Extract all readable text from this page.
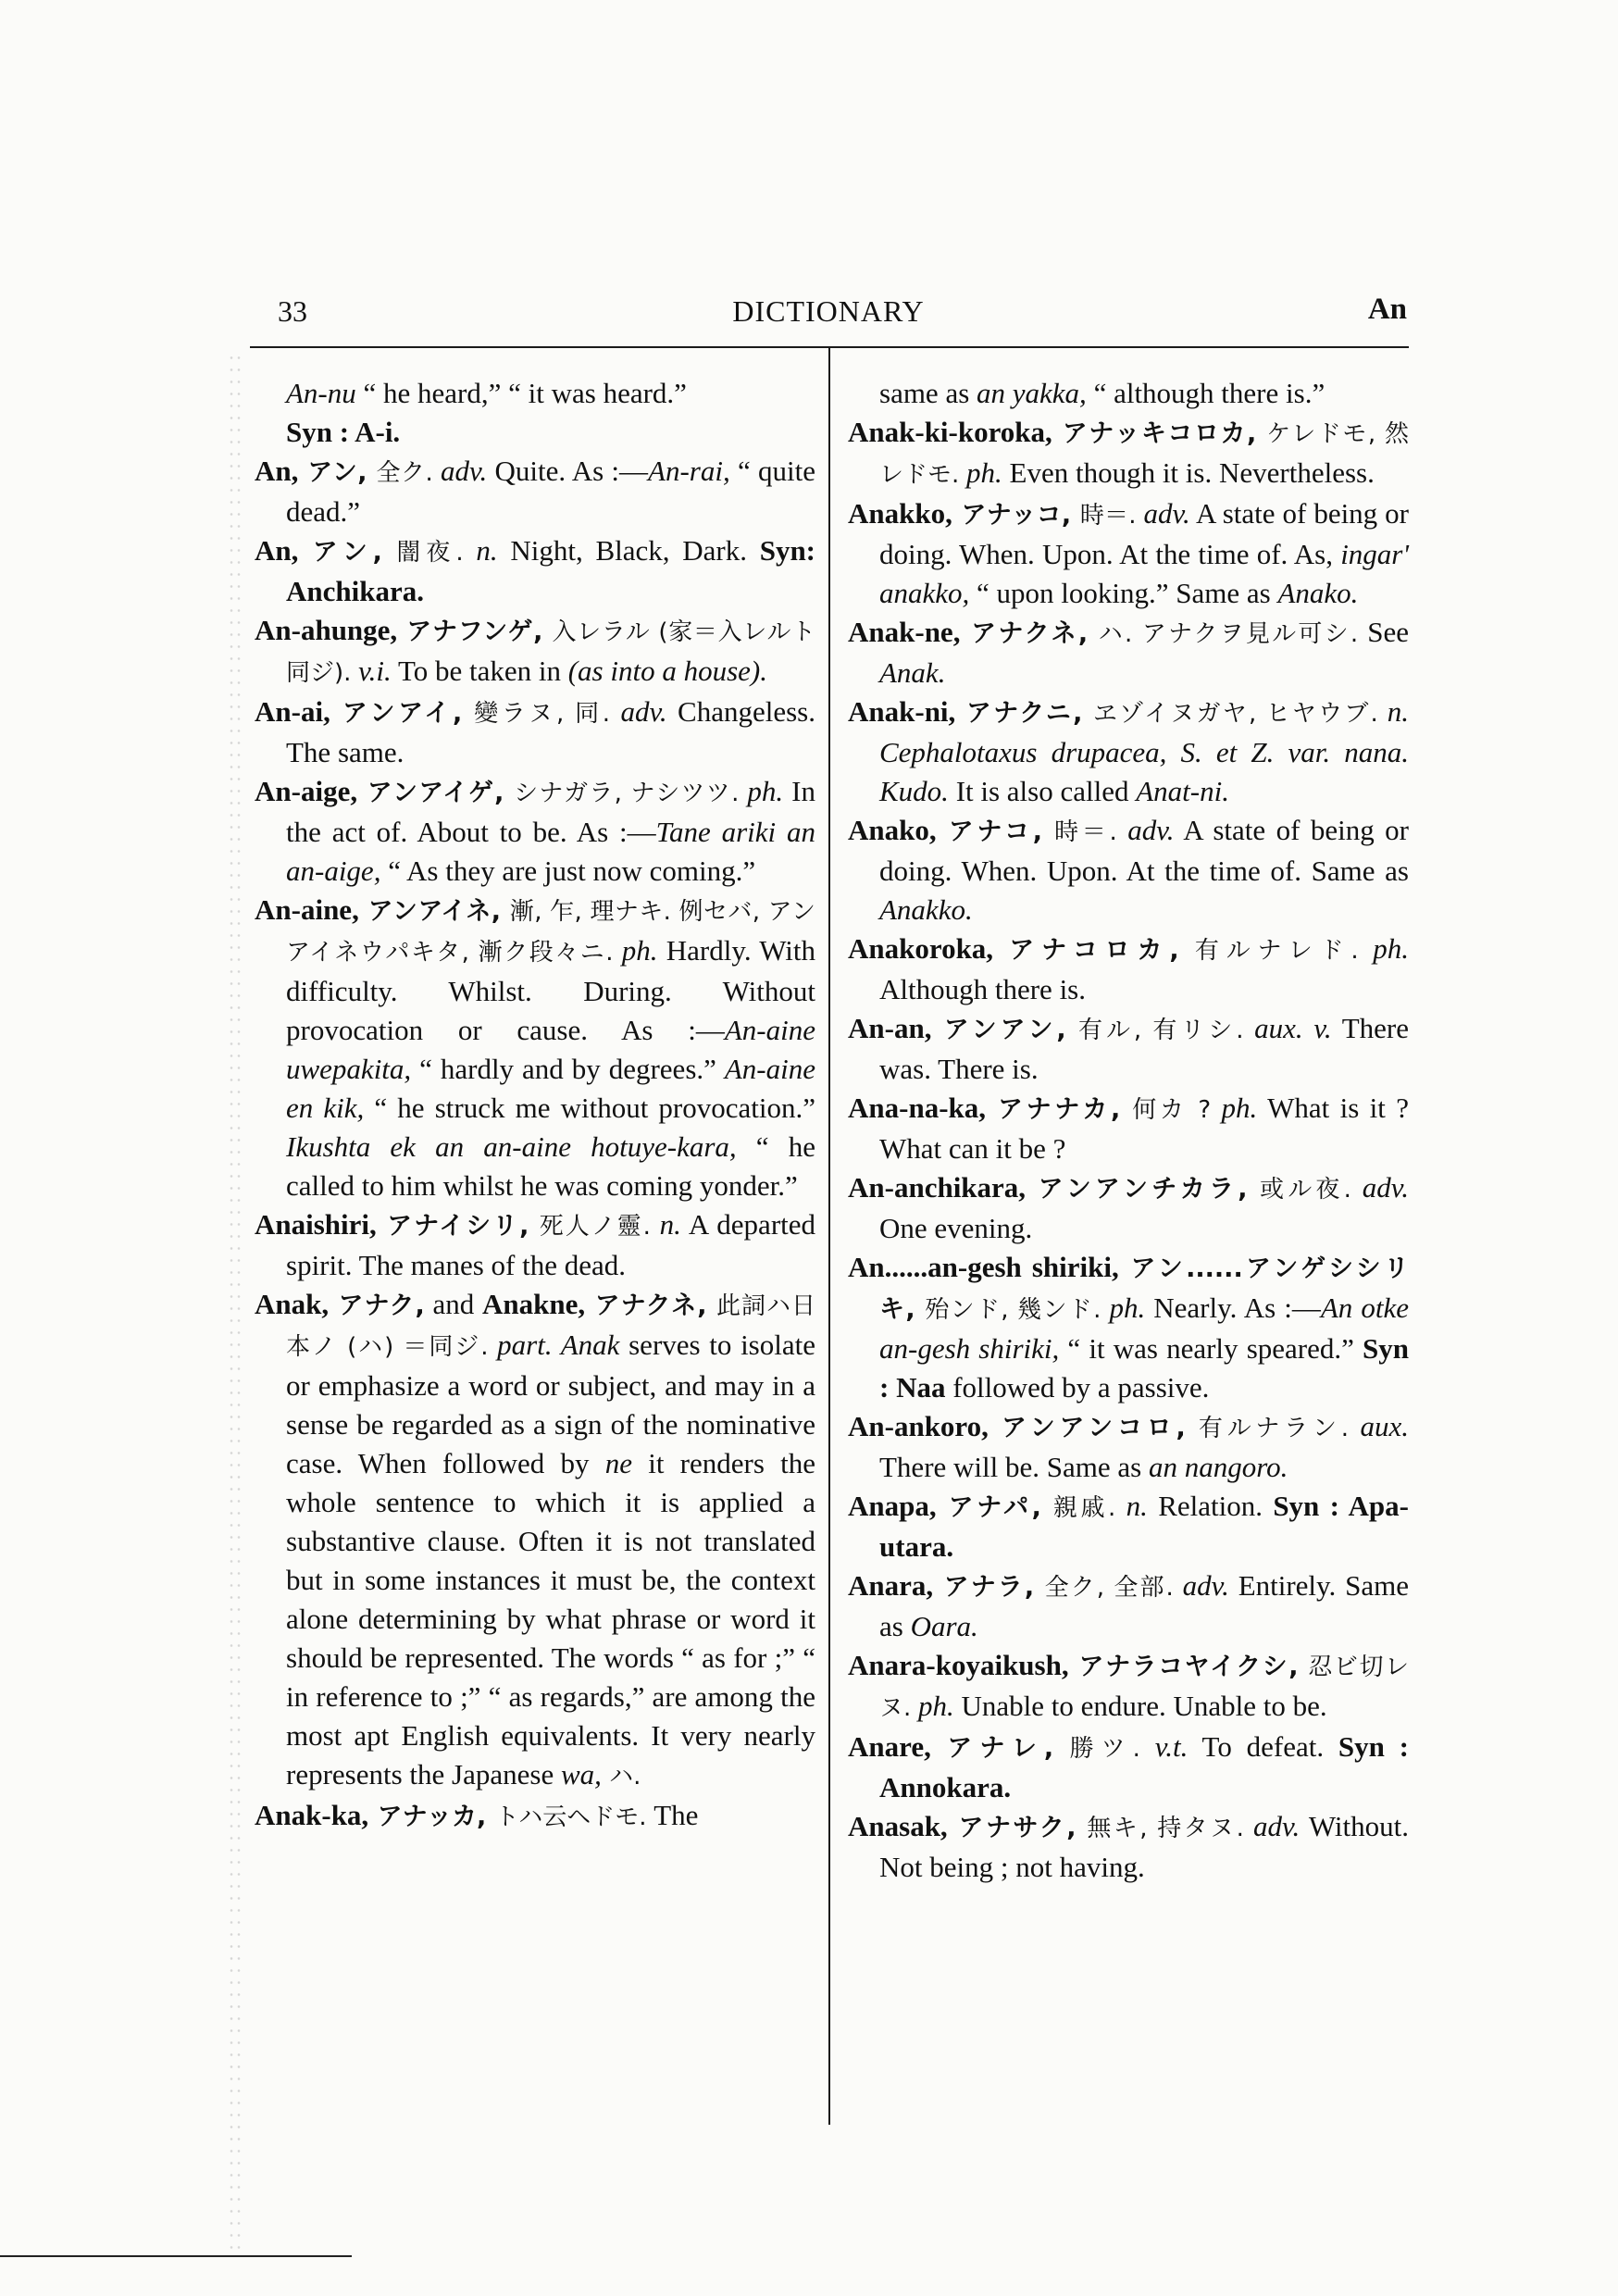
33	DICTIONARY	An

An-nu “ he heard,” “ it was heard.”
Syn : A-i.

An, アン, 全ク. adv. Quite. As :—An-rai, “ quite dead.”

An, アン, 闇夜. n. Night, Black, Dark. Syn: Anchikara.

An-ahunge, アナフンゲ, 入レラル (家＝入レルト同ジ). v.i. To be taken in (as into a house).

An-ai, アンアイ, 變ラヌ, 同. adv. Changeless. The same.

An-aige, アンアイゲ, シナガラ, ナシツツ. ph. In the act of. About to be. As :—Tane ariki an an-aige, “ As they are just now coming.”

An-aine, アンアイネ, 漸, 乍, 理ナキ. 例セバ, アンアイネウパキタ, 漸ク段々ニ. ph. Hardly. With difficulty. Whilst. During. Without provocation or cause. As :—An-aine uwepakita, “ hardly and by degrees.” An-aine en kik, “ he struck me without provocation.” Ikushta ek an an-aine hotuye-kara, “ he called to him whilst he was coming yonder.”

Anaishiri, アナイシリ, 死人ノ靈. n. A departed spirit. The manes of the dead.

Anak, アナク, and Anakne, アナクネ, 此詞ハ日本ノ (ハ) ＝同ジ. part. Anak serves to isolate or emphasize a word or subject, and may in a sense be regarded as a sign of the nominative case. When followed by ne it renders the whole sentence to which it is applied a substantive clause. Often it is not translated but in some instances it must be, the context alone determining by what phrase or word it should be represented. The words “ as for ;” “ in reference to ;” “ as regards,” are among the most apt English equivalents. It very nearly represents the Japanese wa, ハ.

Anak-ka, アナッカ, トハ云ヘドモ. The

same as an yakka, “ although there is.”

Anak-ki-koroka, アナッキコロカ, ケレドモ, 然レドモ. ph. Even though it is. Nevertheless.

Anakko, アナッコ, 時＝. adv. A state of being or doing. When. Upon. At the time of. As, ingar' anakko, “ upon looking.” Same as Anako.

Anak-ne, アナクネ, ハ. アナクヲ見ル可シ. See Anak.

Anak-ni, アナクニ, ヱゾイヌガヤ, ヒヤウブ. n. Cephalotaxus drupacea, S. et Z. var. nana. Kudo. It is also called Anat-ni.

Anako, アナコ, 時＝. adv. A state of being or doing. When. Upon. At the time of. Same as Anakko.

Anakoroka, アナコロカ, 有ルナレド. ph. Although there is.

An-an, アンアン, 有ル, 有リシ. aux. v. There was. There is.

Ana-na-ka, アナナカ, 何カ ? ph. What is it ? What can it be ?

An-anchikara, アンアンチカラ, 或ル夜. adv. One evening.

An......an-gesh shiriki, アン......アンゲシシリキ, 殆ンド, 幾ンド. ph. Nearly. As :—An otke an-gesh shiriki, “ it was nearly speared.” Syn : Naa followed by a passive.

An-ankoro, アンアンコロ, 有ルナラン. aux. There will be. Same as an nangoro.

Anapa, アナパ, 親戚. n. Relation. Syn : Apa-utara.

Anara, アナラ, 全ク, 全部. adv. Entirely. Same as Oara.

Anara-koyaikush, アナラコヤイクシ, 忍ビ切レヌ. ph. Unable to endure. Unable to be.

Anare, アナレ, 勝ツ. v.t. To defeat. Syn : Annokara.

Anasak, アナサク, 無キ, 持タヌ. adv. Without. Not being ; not having.
